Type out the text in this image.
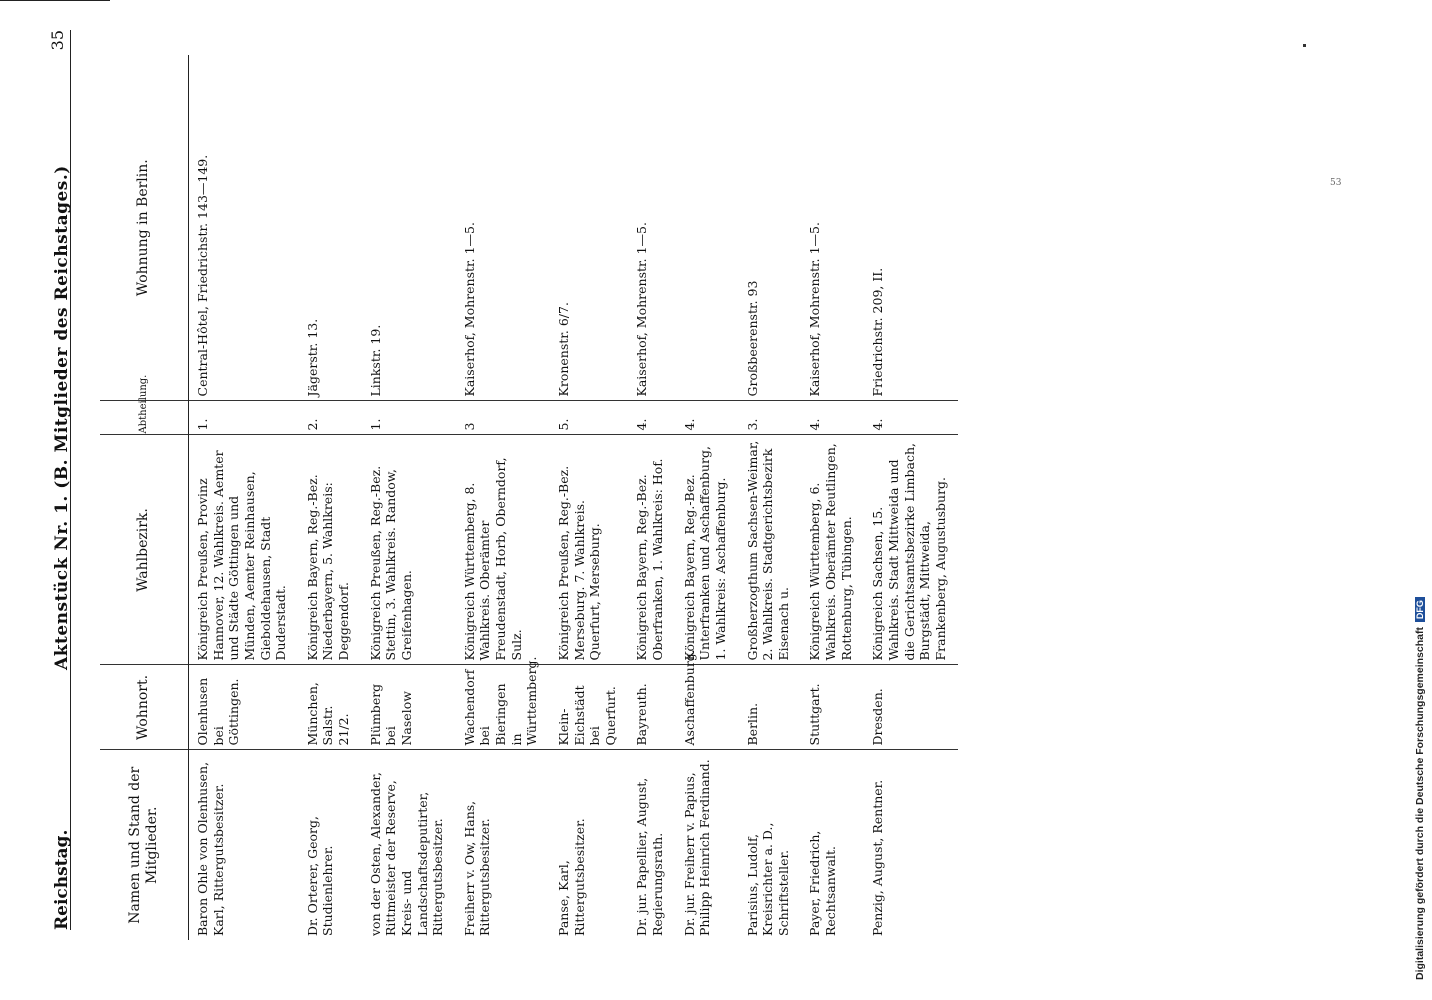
53
Reichstag.
Aktenstück Nr. 1. (B. Mitglieder des Reichstages.)
35
Namen und Stand der Mitglieder.	Wohnort.	Wahlbezirk.	Abtheilung.	Wohnung in Berlin.
Baron Ohle von Olenhusen, Karl, Rittergutsbesitzer.	Olenhusen bei Göttingen.	Königreich Preußen, Provinz Hannover, 12. Wahlkreis. Aemter und Städte Göttingen und Münden, Aemter Reinhausen, Gieboldehausen, Stadt Duderstadt.	1.	Central-Hôtel, Friedrichstr. 143—149.
Dr. Orterer, Georg, Studienlehrer.	München, Salstr. 21/2.	Königreich Bayern, Reg.-Bez. Niederbayern, 5. Wahlkreis: Deggendorf.	2.	Jägerstr. 13.
von der Osten, Alexander, Rittmeister der Reserve, Kreis- und Landschaftsdeputirter, Rittergutsbesitzer.	Plümberg bei Naselow	Königreich Preußen, Reg.-Bez. Stettin, 3. Wahlkreis. Randow, Greifenhagen.	1.	Linkstr. 19.
Freiherr v. Ow, Hans, Rittergutsbesitzer.	Wachendorf bei Bieringen in Württemberg.	Königreich Württemberg, 8. Wahlkreis. Oberämter Freudenstadt, Horb, Oberndorf, Sulz.	3	Kaiserhof, Mohrenstr. 1—5.
Panse, Karl, Rittergutsbesitzer.	Klein-Eichstädt bei Querfurt.	Königreich Preußen, Reg.-Bez. Merseburg. 7. Wahlkreis. Querfurt, Merseburg.	5.	Kronenstr. 6/7.
Dr. jur. Papellier, August, Regierungsrath.	Bayreuth.	Königreich Bayern, Reg.-Bez. Oberfranken, 1. Wahlkreis: Hof.	4.	Kaiserhof, Mohrenstr. 1—5.
Dr. jur. Freiherr v. Papius, Philipp Heinrich Ferdinand.	Aschaffenburg.	Königreich Bayern, Reg.-Bez. Unterfranken und Aschaffenburg, 1. Wahlkreis: Aschaffenburg.	4.	
Parisius, Ludolf, Kreisrichter a. D., Schriftsteller.	Berlin.	Großherzogthum Sachsen-Weimar, 2. Wahlkreis. Stadtgerichtsbezirk Eisenach u.	3.	Großbeerenstr. 93
Payer, Friedrich, Rechtsanwalt.	Stuttgart.	Königreich Württemberg, 6. Wahlkreis. Oberämter Reutlingen, Rottenburg, Tübingen.	4.	Kaiserhof, Mohrenstr. 1—5.
Penzig, August, Rentner.	Dresden.	Königreich Sachsen, 15. Wahlkreis. Stadt Mittweida und die Gerichtsamtsbezirke Limbach, Burgstädt, Mittweida, Frankenberg, Augustusburg.	4.	Friedrichstr. 209, II.
Digitalisierung gefördert durch die Deutsche Forschungsgemeinschaft DFG
